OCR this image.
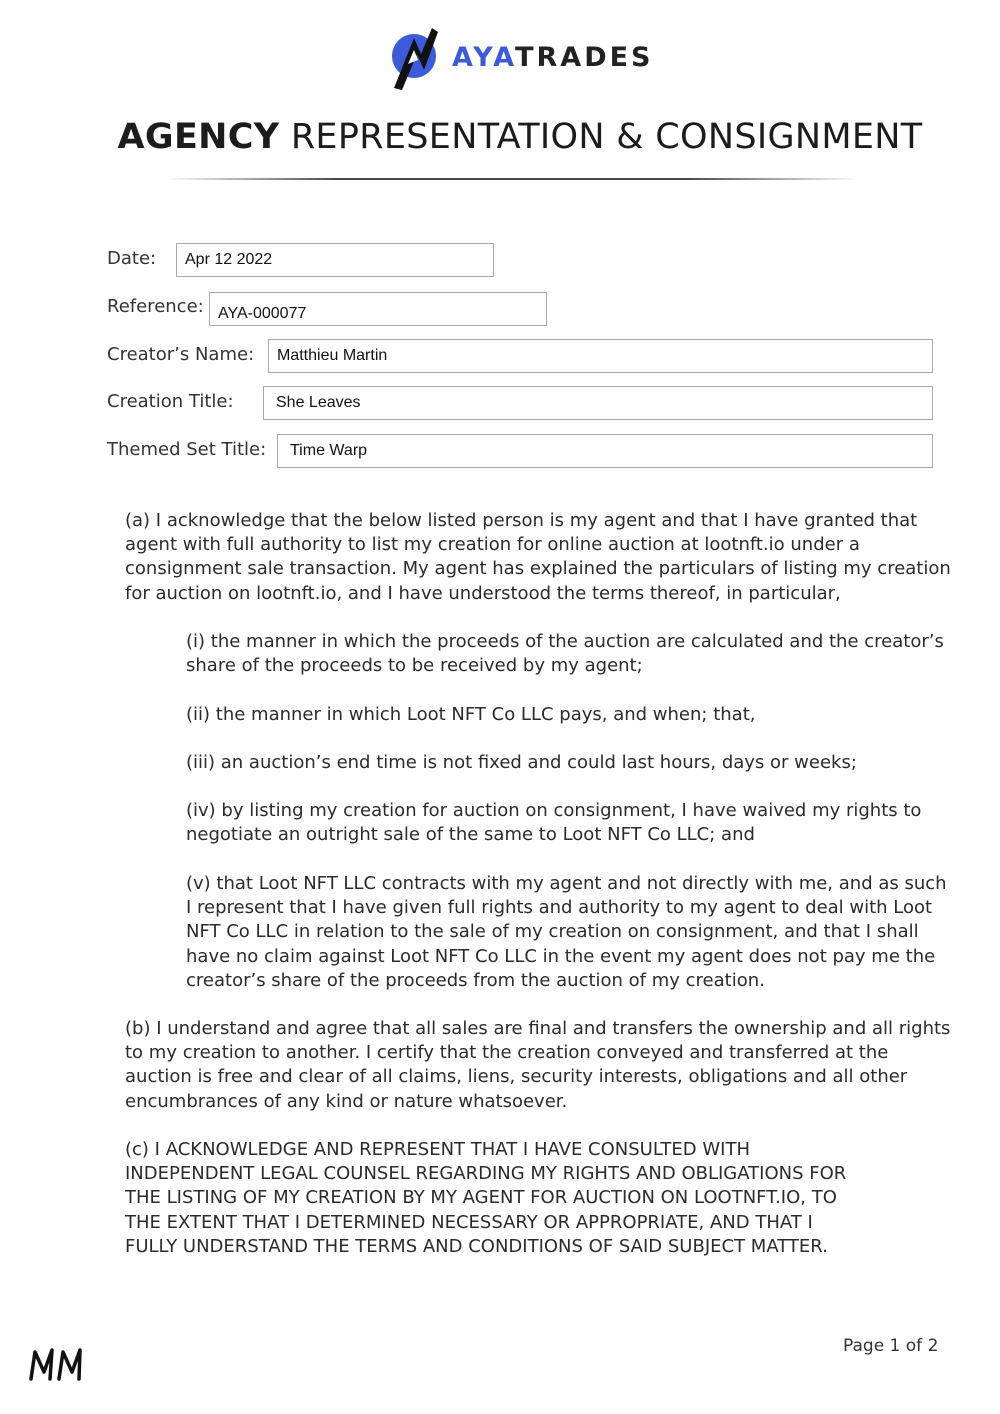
AYATRADES
AGENCY REPRESENTATION & CONSIGNMENT
Date:	Apr 12 2022
Reference: AYA-000077
Creator’s Name:	Matthieu Martin
Creation Title:	She Leaves
Themed Set Title:	Time Warp
(a) I acknowledge that the below listed person is my agent and that I have granted that
agent with full authority to list my creation for online auction at lootnft.io under a
consignment sale transaction. My agent has explained the particulars of listing my creation
for auction on lootnft.io, and I have understood the terms thereof, in particular,
(i) the manner in which the proceeds of the auction are calculated and the creator’s
share of the proceeds to be received by my agent;
(ii) the manner in which Loot NFT Co LLC pays, and when; that,
(iii) an auction’s end time is not fixed and could last hours, days or weeks;
(iv) by listing my creation for auction on consignment, I have waived my rights to
negotiate an outright sale of the same to Loot NFT Co LLC; and
(v) that Loot NFT LLC contracts with my agent and not directly with me, and as such
I represent that I have given full rights and authority to my agent to deal with Loot
NFT Co LLC in relation to the sale of my creation on consignment, and that I shall
have no claim against Loot NFT Co LLC in the event my agent does not pay me the
creator’s share of the proceeds from the auction of my creation.
(b) I understand and agree that all sales are final and transfers the ownership and all rights
to my creation to another. I certify that the creation conveyed and transferred at the
auction is free and clear of all claims, liens, security interests, obligations and all other
encumbrances of any kind or nature whatsoever.
(c) I ACKNOWLEDGE AND REPRESENT THAT I HAVE CONSULTED WITH
INDEPENDENT LEGAL COUNSEL REGARDING MY RIGHTS AND OBLIGATIONS FOR
THE LISTING OF MY CREATION BY MY AGENT FOR AUCTION ON LOOTNFT.IO, TO
THE EXTENT THAT I DETERMINED NECESSARY OR APPROPRIATE, AND THAT I
FULLY UNDERSTAND THE TERMS AND CONDITIONS OF SAID SUBJECT MATTER.
Page 1 of 2
